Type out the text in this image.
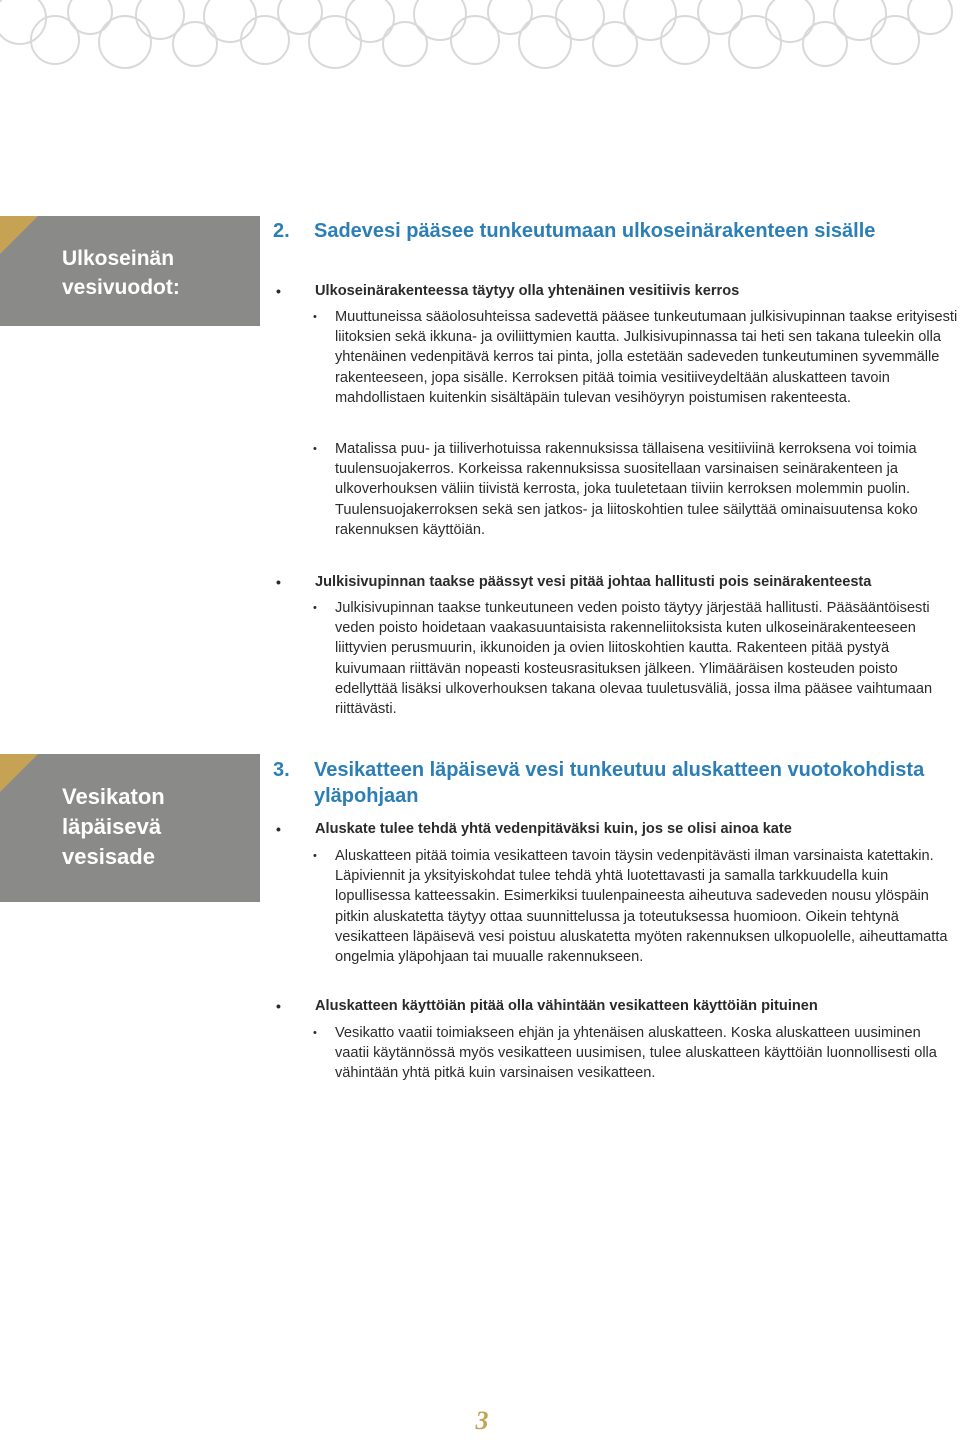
Ulkoseinän
vesivuodot:
Vesikaton
läpäisevä
vesisade
2.	Sadevesi pääsee tunkeutumaan ulkoseinärakenteen sisälle
•	Ulkoseinärakenteessa täytyy olla yhtenäinen vesitiivis kerros
•	Muuttuneissa sääolosuhteissa sadevettä pääsee tunkeutumaan julkisivupinnan taakse erityisesti liitoksien sekä ikkuna- ja oviliittymien kautta. Julkisivupinnassa tai heti sen takana tuleekin olla yhtenäinen vedenpitävä kerros tai pinta, jolla estetään sadeveden tunkeutuminen syvemmälle rakenteeseen, jopa sisälle. Kerroksen pitää toimia vesitiiveydeltään aluskatteen tavoin mahdollistaen kuitenkin sisältäpäin tulevan vesihöyryn poistumisen rakenteesta.
•	Matalissa puu- ja tiiliverhotuissa rakennuksissa tällaisena vesitiiviinä kerroksena voi toimia tuulensuojakerros. Korkeissa rakennuksissa suositellaan varsinaisen seinärakenteen ja ulkoverhouksen väliin tiivistä kerrosta, joka tuuletetaan tiiviin kerroksen molemmin puolin. Tuulensuojakerroksen sekä sen jatkos- ja liitoskohtien tulee säilyttää ominaisuutensa koko rakennuksen käyttöiän.
•	Julkisivupinnan taakse päässyt vesi pitää johtaa hallitusti pois seinärakenteesta
•	Julkisivupinnan taakse tunkeutuneen veden poisto täytyy järjestää hallitusti. Pääsääntöisesti veden poisto hoidetaan vaakasuuntaisista rakenneliitoksista kuten ulkoseinärakenteeseen liittyvien perusmuurin, ikkunoiden ja ovien liitoskohtien kautta. Rakenteen pitää pystyä kuivumaan riittävän nopeasti kosteusrasituksen jälkeen. Ylimääräisen kosteuden poisto edellyttää lisäksi ulkoverhouksen takana olevaa tuuletusväliä, jossa ilma pääsee vaihtumaan riittävästi.
3.	Vesikatteen läpäisevä vesi tunkeutuu aluskatteen vuotokohdista yläpohjaan
•	Aluskate tulee tehdä yhtä vedenpitäväksi kuin, jos se olisi ainoa kate
•	Aluskatteen pitää toimia vesikatteen tavoin täysin vedenpitävästi ilman varsinaista katettakin. Läpiviennit ja yksityiskohdat tulee tehdä yhtä luotettavasti ja samalla tarkkuudella kuin lopullisessa katteessakin. Esimerkiksi tuulenpaineesta aiheutuva sadeveden nousu ylöspäin pitkin aluskatetta täytyy ottaa suunnittelussa ja toteutuksessa huomioon. Oikein tehtynä vesikatteen läpäisevä vesi poistuu aluskatetta myöten rakennuksen ulkopuolelle, aiheuttamatta ongelmia yläpohjaan tai muualle rakennukseen.
•	Aluskatteen käyttöiän pitää olla vähintään vesikatteen käyttöiän pituinen
•	Vesikatto vaatii toimiakseen ehjän ja yhtenäisen aluskatteen. Koska aluskatteen uusiminen vaatii käytännössä myös vesikatteen uusimisen, tulee aluskatteen käyttöiän luonnollisesti olla vähintään yhtä pitkä kuin varsinaisen vesikatteen.
3
